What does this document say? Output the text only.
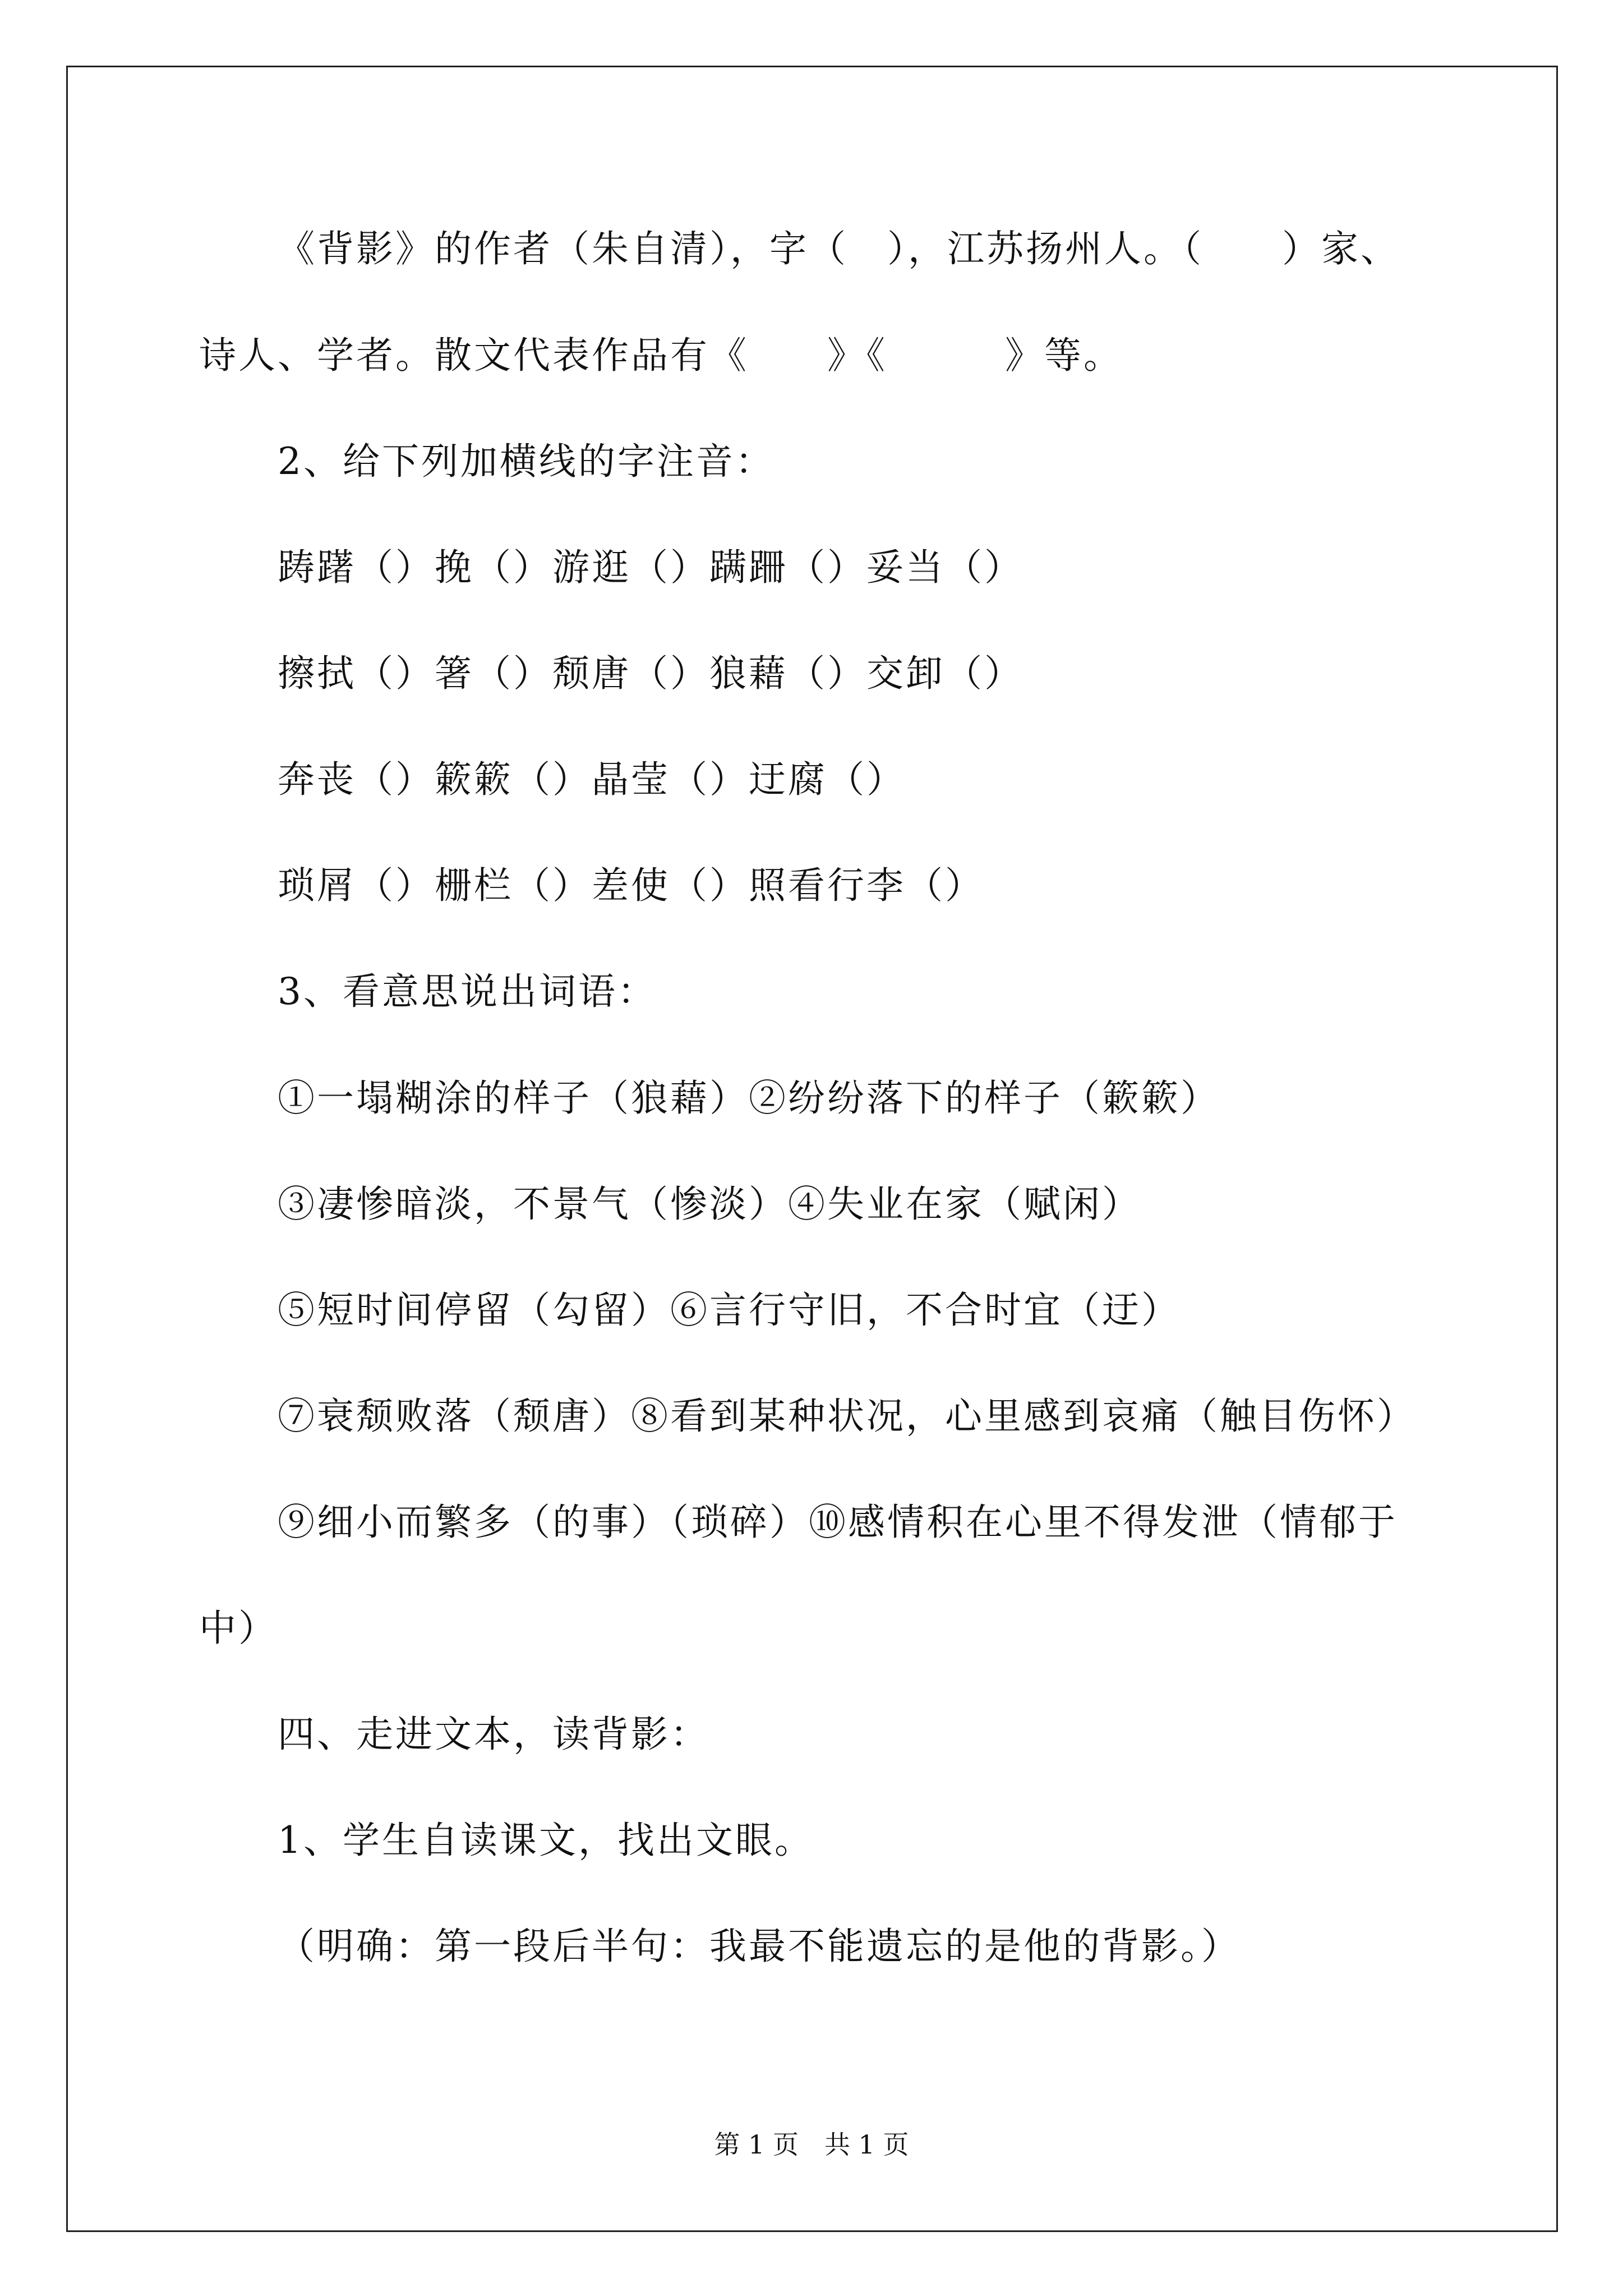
《背影》的作者（朱自清），字（　），江苏扬州人。（　　）家、
诗人、学者。散文代表作品有《　　》《　　　》等。
2、给下列加横线的字注音：
踌躇（）挽（）游逛（）蹒跚（）妥当（）
擦拭（）箸（）颓唐（）狼藉（）交卸（）
奔丧（）簌簌（）晶莹（）迂腐（）
琐屑（）栅栏（）差使（）照看行李（）
3、看意思说出词语：
①一塌糊涂的样子（狼藉）②纷纷落下的样子（簌簌）
③凄惨暗淡，不景气（惨淡）④失业在家（赋闲）
⑤短时间停留（勾留）⑥言行守旧，不合时宜（迂）
⑦衰颓败落（颓唐）⑧看到某种状况，心里感到哀痛（触目伤怀）
⑨细小而繁多（的事）（琐碎）⑩感情积在心里不得发泄（情郁于
中）
四、走进文本，读背影：
1、学生自读课文，找出文眼。
（明确：第一段后半句：我最不能遗忘的是他的背影。）
第 1 页　共 1 页
